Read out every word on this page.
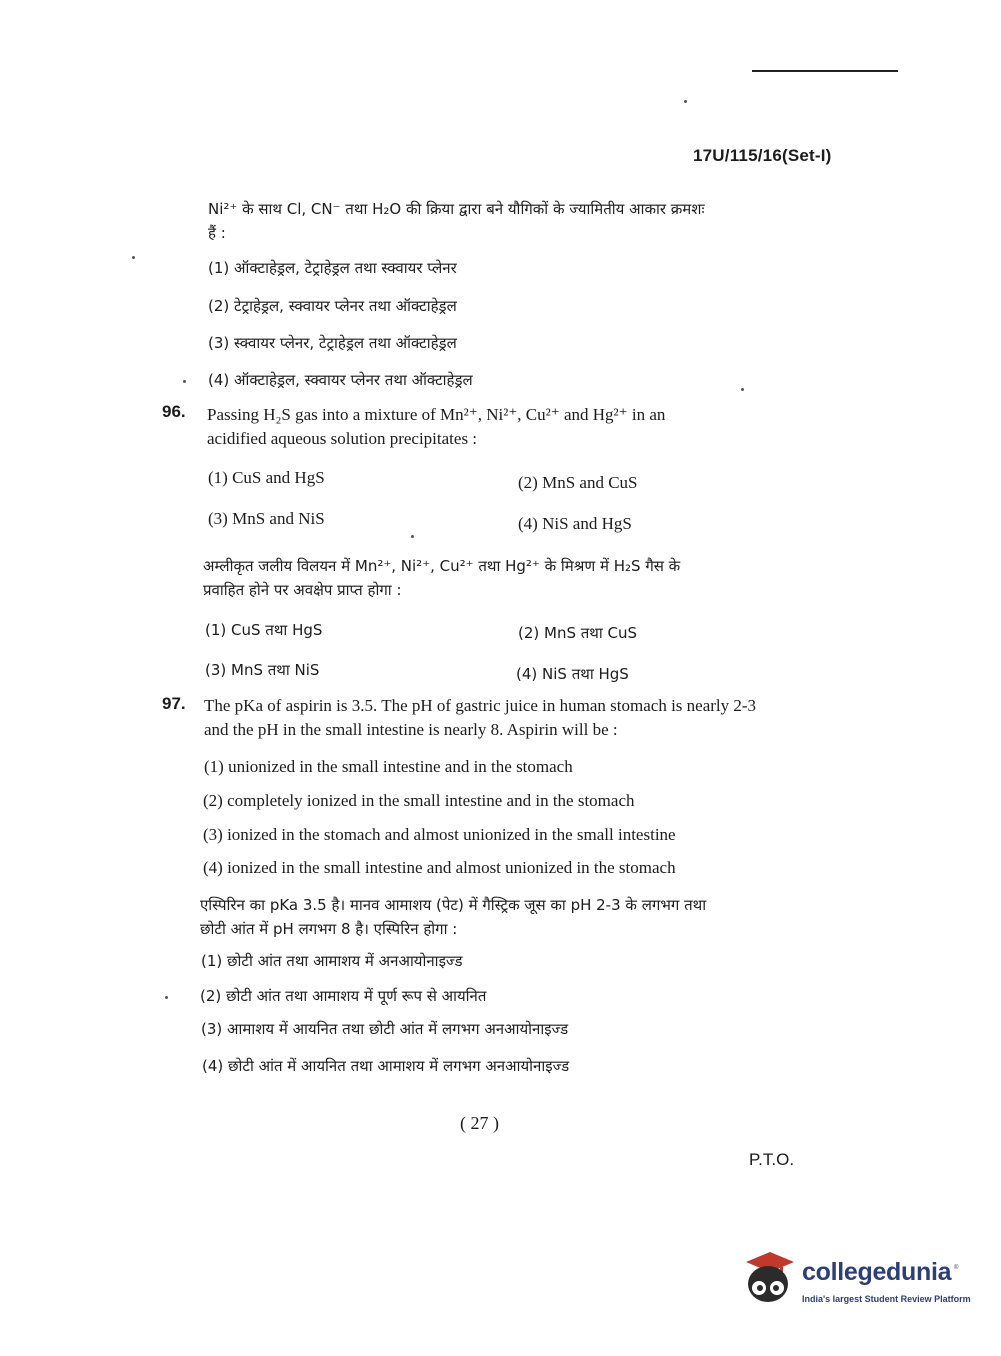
17U/115/16(Set-I)
Ni²⁺ के साथ Cl, CN⁻ तथा H₂O की क्रिया द्वारा बने यौगिकों के ज्यामितीय आकार क्रमशः
हैं :
(1) ऑक्टाहेड्रल, टेट्राहेड्रल तथा स्क्वायर प्लेनर
(2) टेट्राहेड्रल, स्क्वायर प्लेनर तथा ऑक्टाहेड्रल
(3) स्क्वायर प्लेनर, टेट्राहेड्रल तथा ऑक्टाहेड्रल
(4) ऑक्टाहेड्रल, स्क्वायर प्लेनर तथा ऑक्टाहेड्रल
96. Passing H₂S gas into a mixture of Mn²⁺, Ni²⁺, Cu²⁺ and Hg²⁺ in an
acidified aqueous solution precipitates :
(1) CuS and HgS	(2) MnS and CuS
(3) MnS and NiS	(4) NiS and HgS
अम्लीकृत जलीय विलयन में Mn²⁺, Ni²⁺, Cu²⁺ तथा Hg²⁺ के मिश्रण में H₂S गैस के
प्रवाहित होने पर अवक्षेप प्राप्त होगा :
(1) CuS तथा HgS	(2) MnS तथा CuS
(3) MnS तथा NiS	(4) NiS तथा HgS
97. The pKa of aspirin is 3.5. The pH of gastric juice in human stomach is nearly 2-3
and the pH in the small intestine is nearly 8. Aspirin will be :
(1) unionized in the small intestine and in the stomach
(2) completely ionized in the small intestine and in the stomach
(3) ionized in the stomach and almost unionized in the small intestine
(4) ionized in the small intestine and almost unionized in the stomach
एस्पिरिन का pKa 3.5 है। मानव आमाशय (पेट) में गैस्ट्रिक जूस का pH 2-3 के लगभग तथा
छोटी आंत में pH लगभग 8 है। एस्पिरिन होगा :
(1) छोटी आंत तथा आमाशय में अनआयोनाइज्ड
(2) छोटी आंत तथा आमाशय में पूर्ण रूप से आयनित
(3) आमाशय में आयनित तथा छोटी आंत में लगभग अनआयोनाइज्ड
(4) छोटी आंत में आयनित तथा आमाशय में लगभग अनआयोनाइज्ड
( 27 )
P.T.O.
collegedunia ®
India's largest Student Review Platform
